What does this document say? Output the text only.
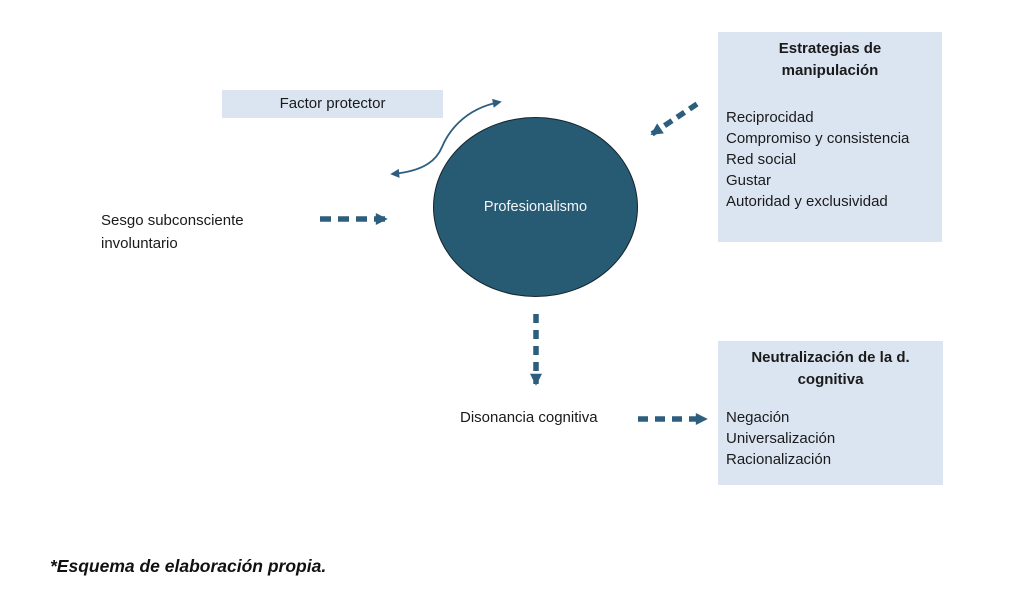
Factor protector
Profesionalismo
Sesgo subconsciente involuntario
Estrategias de manipulación
Reciprocidad
Compromiso y consistencia
Red social
Gustar
Autoridad y exclusividad
Disonancia cognitiva
Neutralización de la d. cognitiva
Negación
Universalización
Racionalización
*Esquema de elaboración propia.
